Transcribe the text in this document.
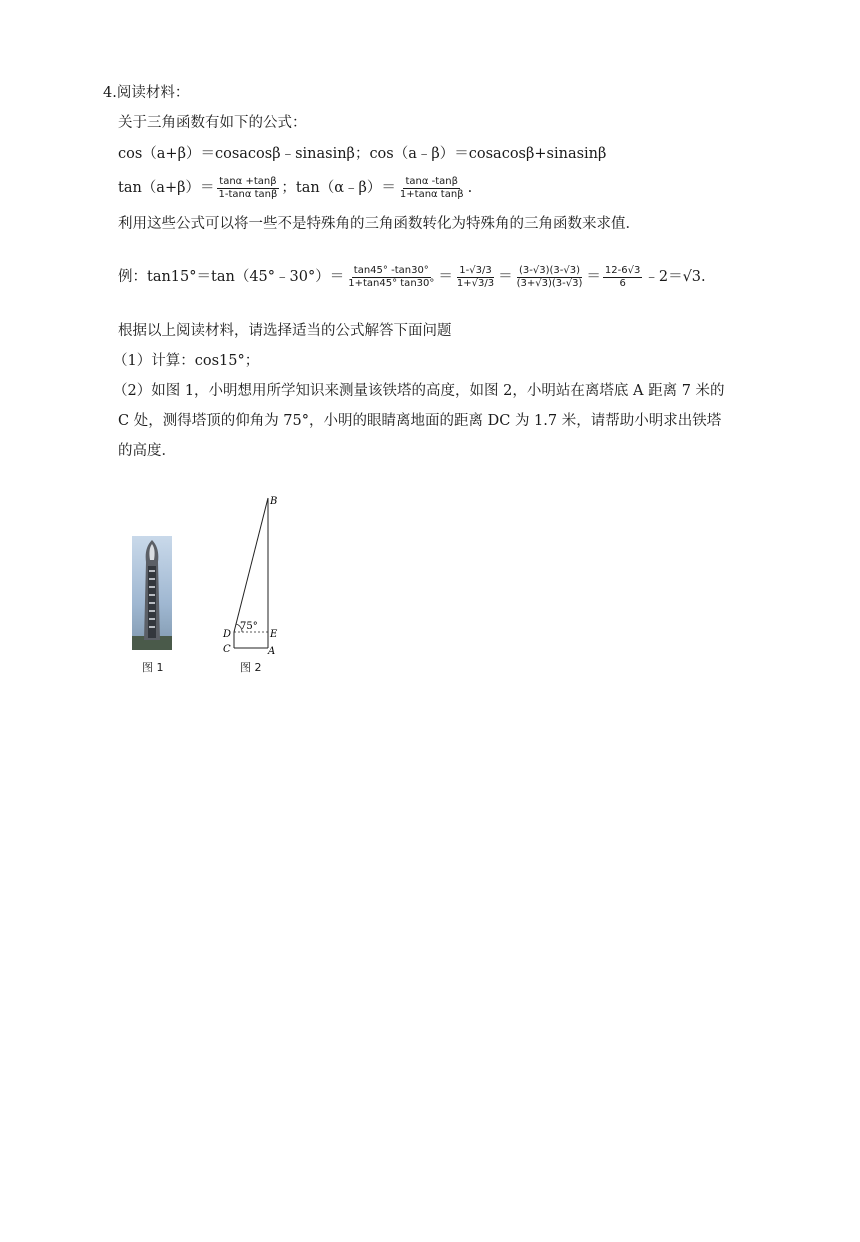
4.阅读材料：
关于三角函数有如下的公式：
cos（a+β）＝cosacosβ﹣sinasinβ；cos（a﹣β）＝cosacosβ+sinasinβ
$\tan(a+\beta)= \frac{\tan\alpha +\tan\beta}{\text{1-tanα tanβ}}$ ；tan（α﹣β）＝ $\frac{\tan\alpha -\tan\beta}{\text{1+tanα tanβ}}$ .
利用这些公式可以将一些不是特殊角的三角函数转化为特殊角的三角函数来求值．
例：tan15°＝tan（45°﹣30°）＝ $\frac{\tan 45^\circ -\tan 30^\circ}{1+\tan 45^\circ \tan 30^\circ} = \frac{1-√3/3}{1+√3/3} = \frac{(3-√3)(3-√3)}{(3+√3)(3-√3)} = \frac{12-6√3}{6}$ ﹣2＝√3.
根据以上阅读材料，请选择适当的公式解答下面问题
（1）计算：cos15°；
（2）如图 1，小明想用所学知识来测量该铁塔的高度，如图 2，小明站在离塔底 A 距离 7 米的
C 处，测得塔顶的仰角为 75°，小明的眼睛离地面的距离 DC 为 1.7 米，请帮助小明求出铁塔
的高度．
图 1
75°
B
D	E
C	A
图 2
